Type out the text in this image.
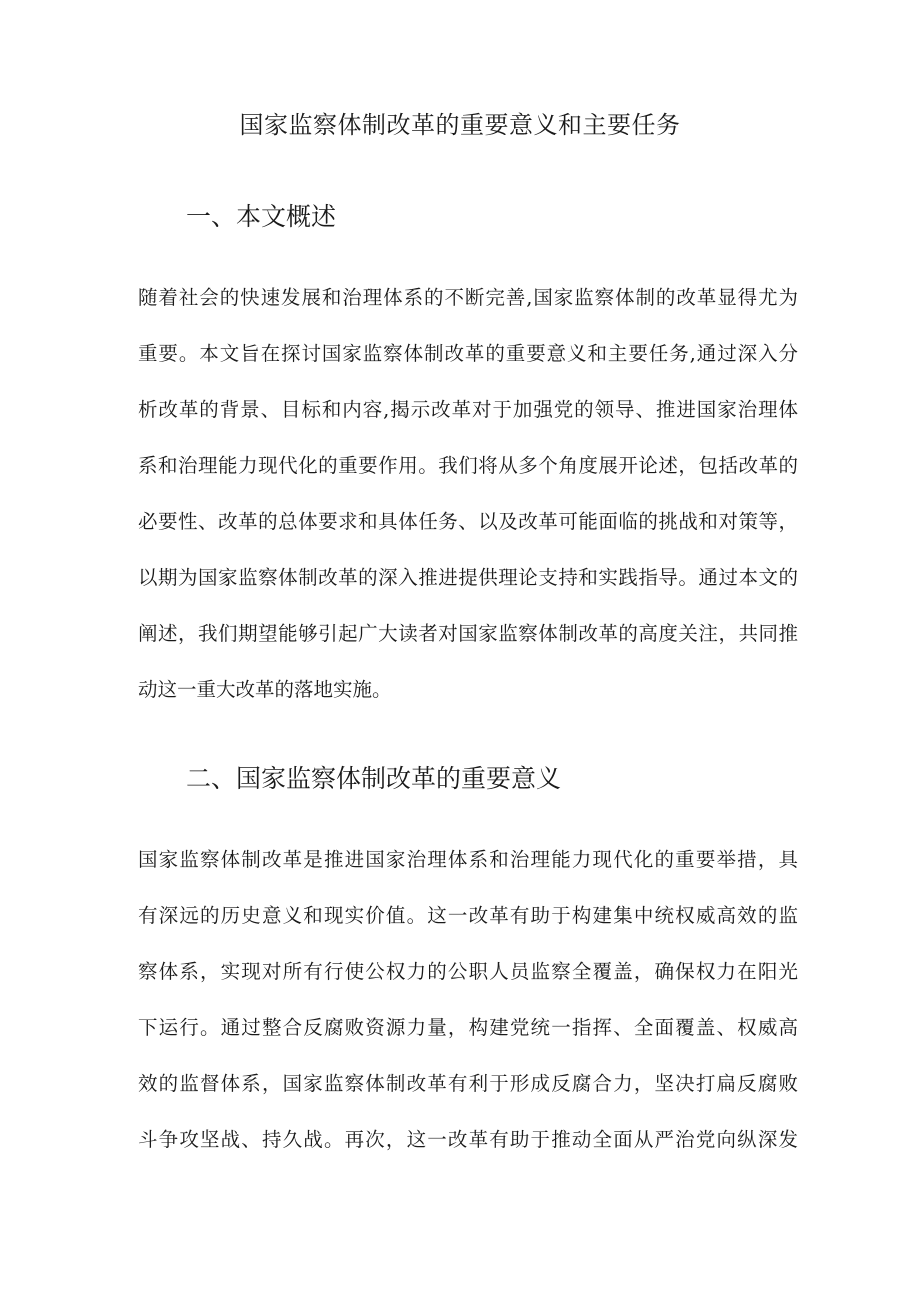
国家监察体制改革的重要意义和主要任务
一、本文概述
随着社会的快速发展和治理体系的不断完善,国家监察体制的改革显得尤为
重要。本文旨在探讨国家监察体制改革的重要意义和主要任务,通过深入分
析改革的背景、目标和内容,揭示改革对于加强党的领导、推进国家治理体
系和治理能力现代化的重要作用。我们将从多个角度展开论述，包括改革的
必要性、改革的总体要求和具体任务、以及改革可能面临的挑战和对策等，
以期为国家监察体制改革的深入推进提供理论支持和实践指导。通过本文的
阐述，我们期望能够引起广大读者对国家监察体制改革的高度关注，共同推
动这一重大改革的落地实施。
二、国家监察体制改革的重要意义
国家监察体制改革是推进国家治理体系和治理能力现代化的重要举措，具
有深远的历史意义和现实价值。这一改革有助于构建集中统权威高效的监
察体系，实现对所有行使公权力的公职人员监察全覆盖，确保权力在阳光
下运行。通过整合反腐败资源力量，构建党统一指挥、全面覆盖、权威高
效的监督体系，国家监察体制改革有利于形成反腐合力，坚决打扁反腐败
斗争攻坚战、持久战。再次，这一改革有助于推动全面从严治党向纵深发
